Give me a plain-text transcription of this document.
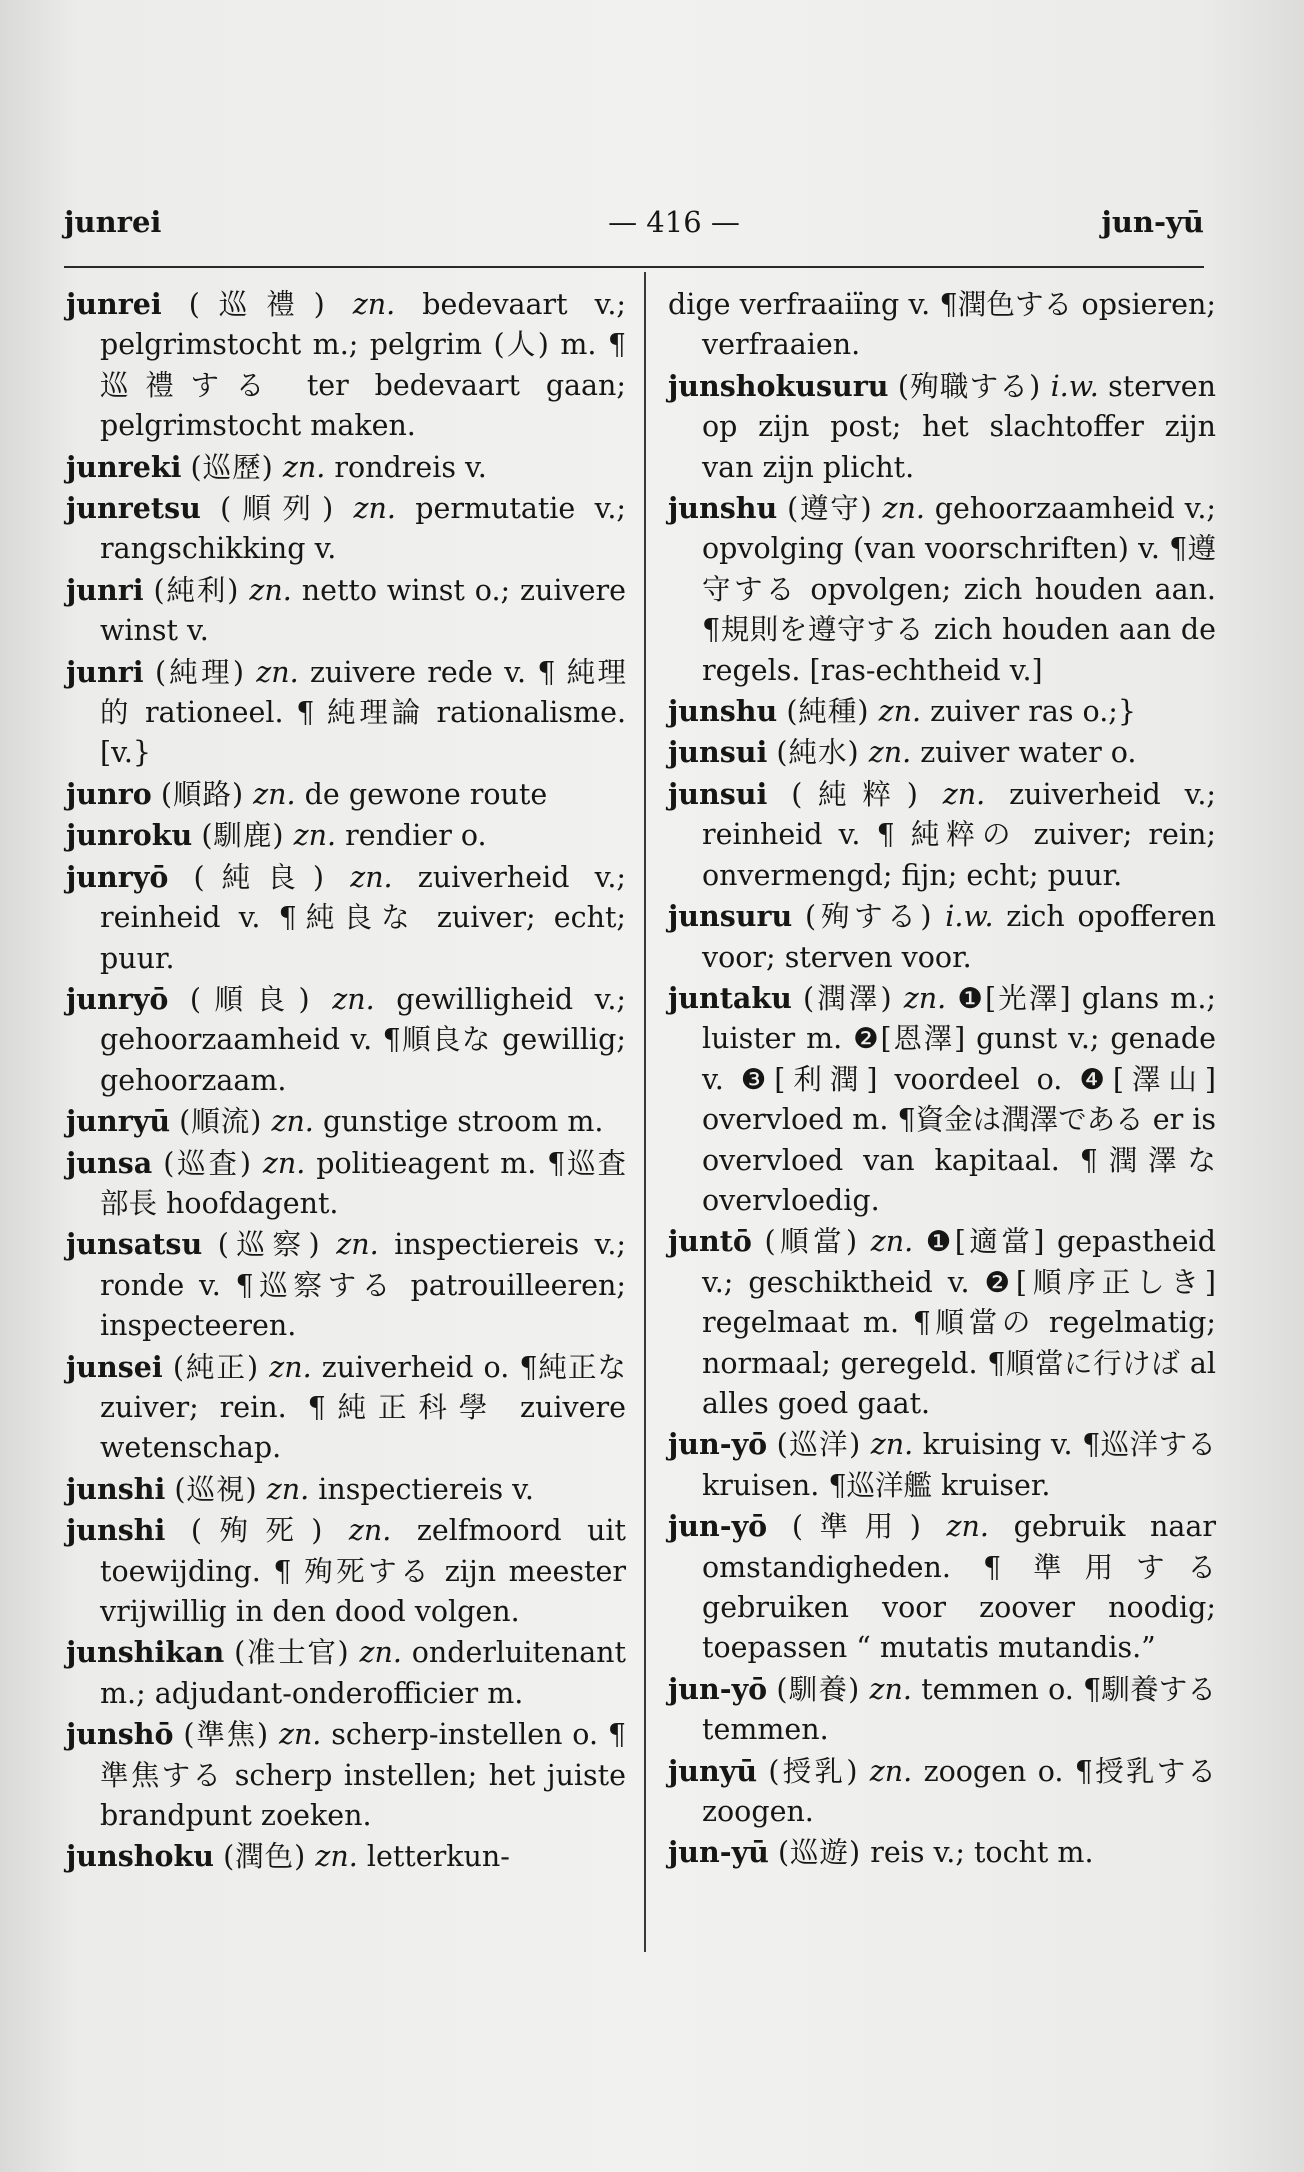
junrei	— 416 —	jun-yū

junrei (巡禮) zn. bedevaart v.; pelgrimstocht m.; pelgrim (人) m. ¶巡禮する ter bedevaart gaan; pelgrimstocht maken.

junreki (巡歷) zn. rondreis v.

junretsu (順列) zn. permutatie v.; rangschikking v.

junri (純利) zn. netto winst o.; zuivere winst v.

junri (純理) zn. zuivere rede v. ¶ 純理的 rationeel. ¶ 純理論 rationalisme. [v.}

junro (順路) zn. de gewone route

junroku (馴鹿) zn. rendier o.

junryō (純良) zn. zuiverheid v.; reinheid v. ¶純良な zuiver; echt; puur.

junryō (順良) zn. gewilligheid v.; gehoorzaamheid v. ¶順良な gewillig; gehoorzaam.

junryū (順流) zn. gunstige stroom m.

junsa (巡査) zn. politieagent m. ¶巡査部長 hoofdagent.

junsatsu (巡察) zn. inspectiereis v.; ronde v. ¶巡察する patrouilleeren; inspecteeren.

junsei (純正) zn. zuiverheid o. ¶純正な zuiver; rein. ¶純正科學 zuivere wetenschap.

junshi (巡視) zn. inspectiereis v.

junshi (殉死) zn. zelfmoord uit toewijding. ¶ 殉死する zijn meester vrijwillig in den dood volgen.

junshikan (准士官) zn. onderluitenant m.; adjudant-onderofficier m.

junshō (準焦) zn. scherp-instellen o. ¶準焦する scherp instellen; het juiste brandpunt zoeken.

junshoku (潤色) zn. letterkun-

dige verfraaiïng v. ¶潤色する opsieren; verfraaien.

junshokusuru (殉職する) i.w. sterven op zijn post; het slachtoffer zijn van zijn plicht.

junshu (遵守) zn. gehoorzaamheid v.; opvolging (van voorschriften) v. ¶遵守する opvolgen; zich houden aan. ¶規則を遵守する zich houden aan de regels. [ras-echtheid v.]

junshu (純種) zn. zuiver ras o.;}

junsui (純水) zn. zuiver water o.

junsui (純粹) zn. zuiverheid v.; reinheid v. ¶ 純粹の zuiver; rein; onvermengd; fijn; echt; puur.

junsuru (殉する) i.w. zich opofferen voor; sterven voor.

juntaku (潤澤) zn. ❶[光澤] glans m.; luister m. ❷[恩澤] gunst v.; genade v. ❸[利潤] voordeel o. ❹[澤山] overvloed m. ¶資金は潤澤である er is overvloed van kapitaal. ¶潤澤な overvloedig.

juntō (順當) zn. ❶[適當] gepastheid v.; geschiktheid v. ❷[順序正しき] regelmaat m. ¶順當の regelmatig; normaal; geregeld. ¶順當に行けば al alles goed gaat.

jun-yō (巡洋) zn. kruising v. ¶巡洋する kruisen. ¶巡洋艦 kruiser.

jun-yō (準用) zn. gebruik naar omstandigheden. ¶ 準用する gebruiken voor zoover noodig; toepassen “ mutatis mutandis.”

jun-yō (馴養) zn. temmen o. ¶馴養する temmen.

junyū (授乳) zn. zoogen o. ¶授乳する zoogen.

jun-yū (巡遊) reis v.; tocht m.
